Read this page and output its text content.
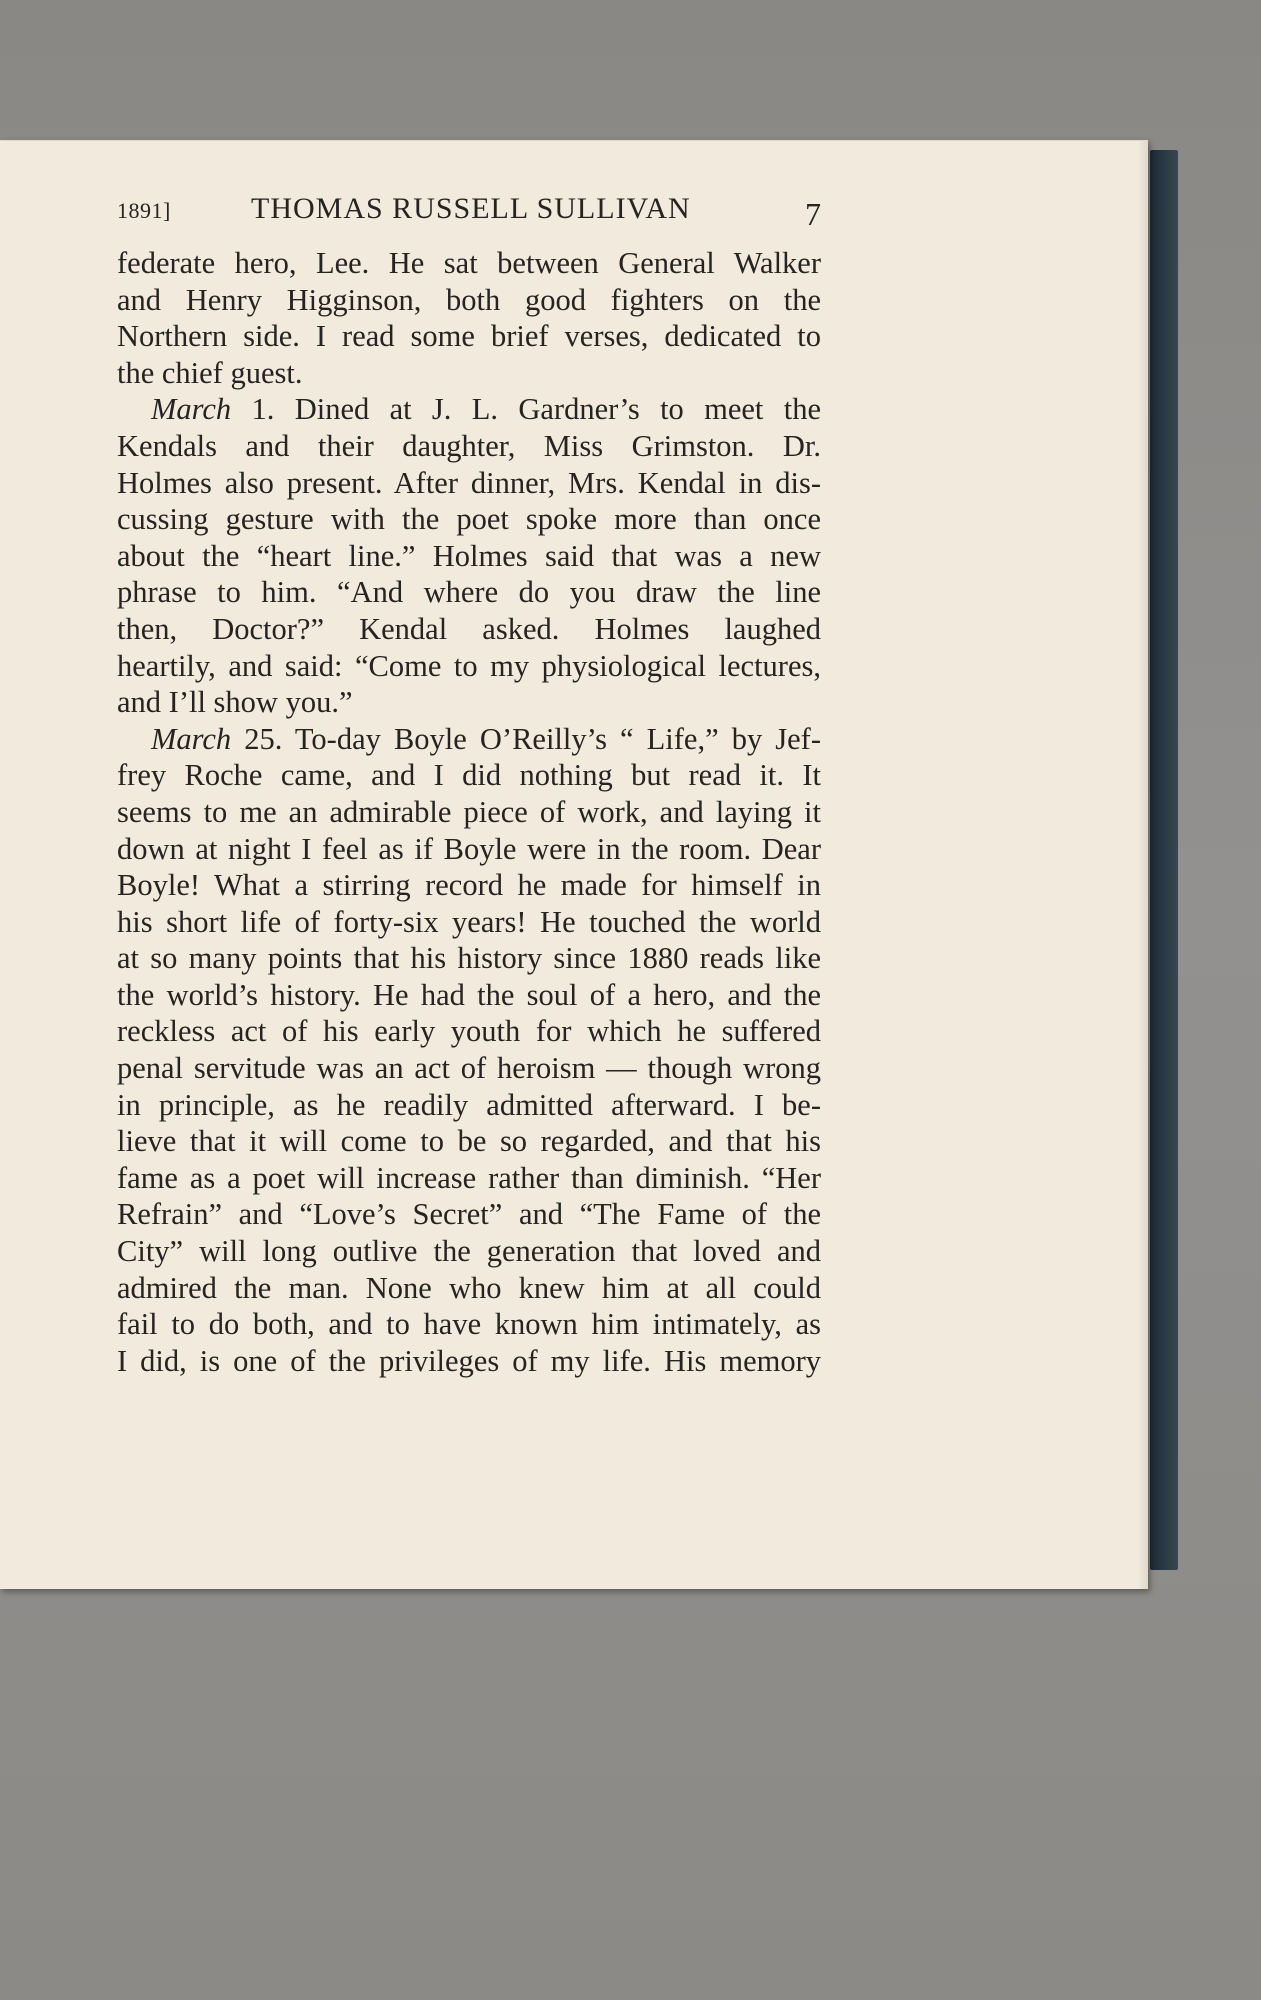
1891]	THOMAS RUSSELL SULLIVAN	7
federate hero, Lee. He sat between General Walker
and Henry Higginson, both good fighters on the
Northern side. I read some brief verses, dedicated to
the chief guest.
March 1. Dined at J. L. Gardner’s to meet the
Kendals and their daughter, Miss Grimston. Dr.
Holmes also present. After dinner, Mrs. Kendal in dis-
cussing gesture with the poet spoke more than once
about the “heart line.” Holmes said that was a new
phrase to him. “And where do you draw the line
then, Doctor?” Kendal asked. Holmes laughed
heartily, and said: “Come to my physiological lectures,
and I’ll show you.”
March 25. To-day Boyle O’Reilly’s “ Life,” by Jef-
frey Roche came, and I did nothing but read it. It
seems to me an admirable piece of work, and laying it
down at night I feel as if Boyle were in the room. Dear
Boyle! What a stirring record he made for himself in
his short life of forty-six years! He touched the world
at so many points that his history since 1880 reads like
the world’s history. He had the soul of a hero, and the
reckless act of his early youth for which he suffered
penal servitude was an act of heroism — though wrong
in principle, as he readily admitted afterward. I be-
lieve that it will come to be so regarded, and that his
fame as a poet will increase rather than diminish. “Her
Refrain” and “Love’s Secret” and “The Fame of the
City” will long outlive the generation that loved and
admired the man. None who knew him at all could
fail to do both, and to have known him intimately, as
I did, is one of the privileges of my life. His memory
